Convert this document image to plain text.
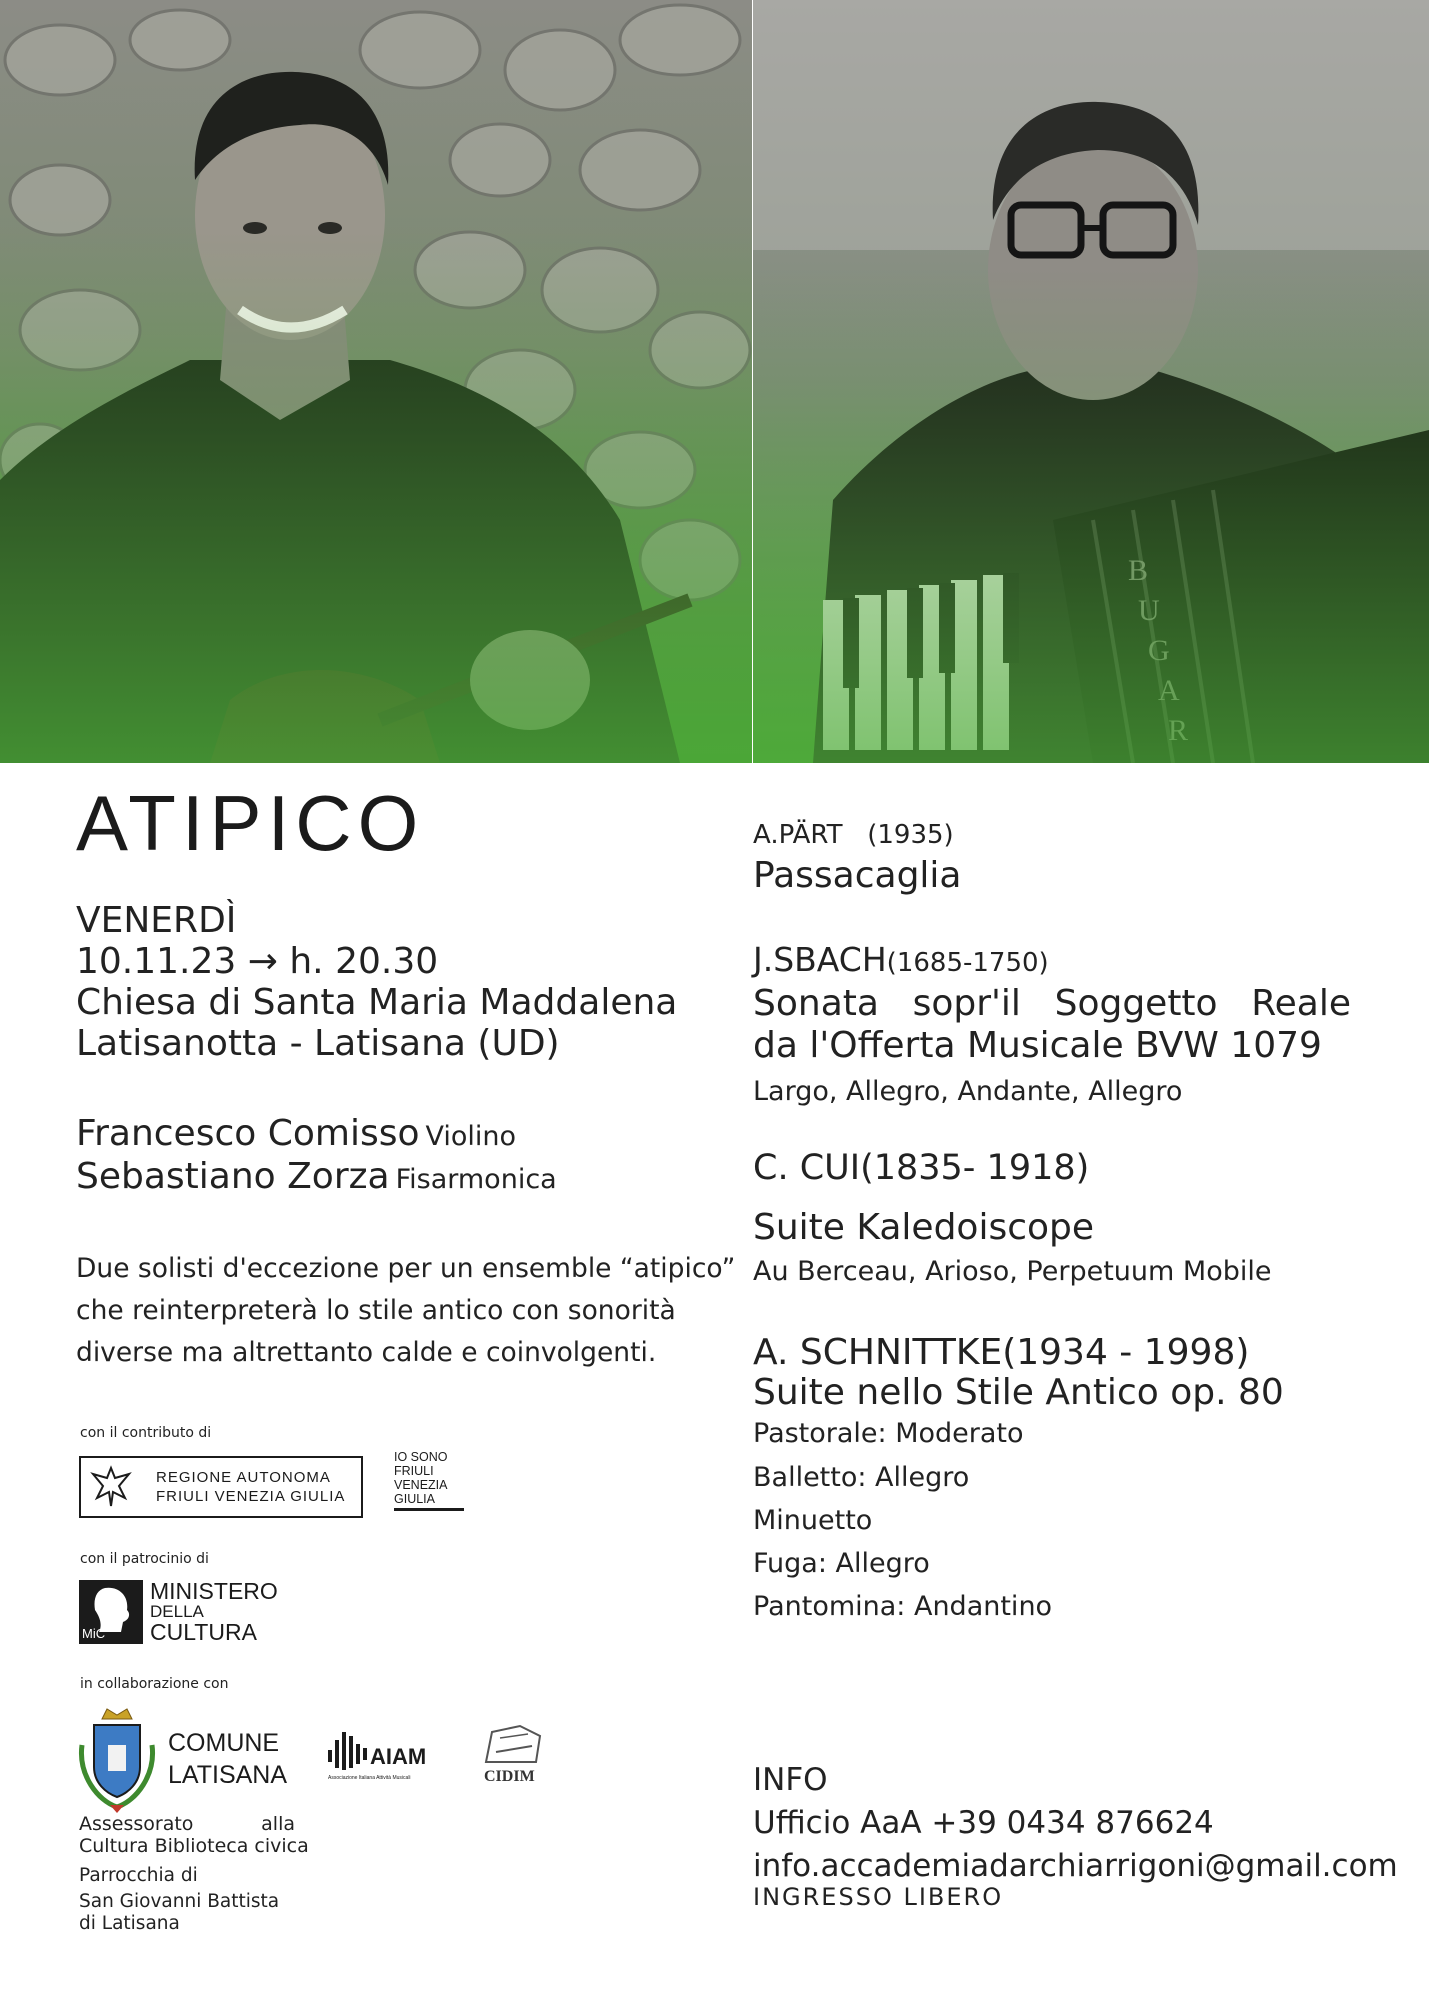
ATIPICO

VENERDÌ

10.11.23 → h. 20.30

Chiesa di Santa Maria Maddalena

Latisanotta - Latisana (UD)

Francesco Comisso Violino

Sebastiano Zorza Fisarmonica

Due solisti d'eccezione per un ensemble “atipico” che reinterpreterà lo stile antico con sonorità diverse ma altrettanto calde e coinvolgenti.

con il contributo di

REGIONE AUTONOMA
FRIULI VENEZIA GIULIA
IO SONO
FRIULI
VENEZIA
GIULIA

con il patrocinio di

MiC
MINISTERO
DELLA
CULTURA

in collaborazione con

COMUNE
LATISANA
AIAM
Associazione Italiana Attività Musicali	CIDIM
Assessorato alla
Cultura Biblioteca civica
Parrocchia di
San Giovanni Battista
di Latisana

A.PÄRT (1935)

Passacaglia

J.SBACH(1685-1750)

Sonata sopr'il Soggetto Reale

da l'Offerta Musicale BVW 1079

Largo, Allegro, Andante, Allegro

C. CUI(1835- 1918)

Suite Kaledoiscope

Au Berceau, Arioso, Perpetuum Mobile

A. SCHNITTKE(1934 - 1998)

Suite nello Stile Antico op. 80

Pastorale: Moderato

Balletto: Allegro

Minuetto

Fuga: Allegro

Pantomina: Andantino

INFO

Ufficio AaA +39 0434 876624

info.accademiadarchiarrigoni@gmail.com

INGRESSO LIBERO
